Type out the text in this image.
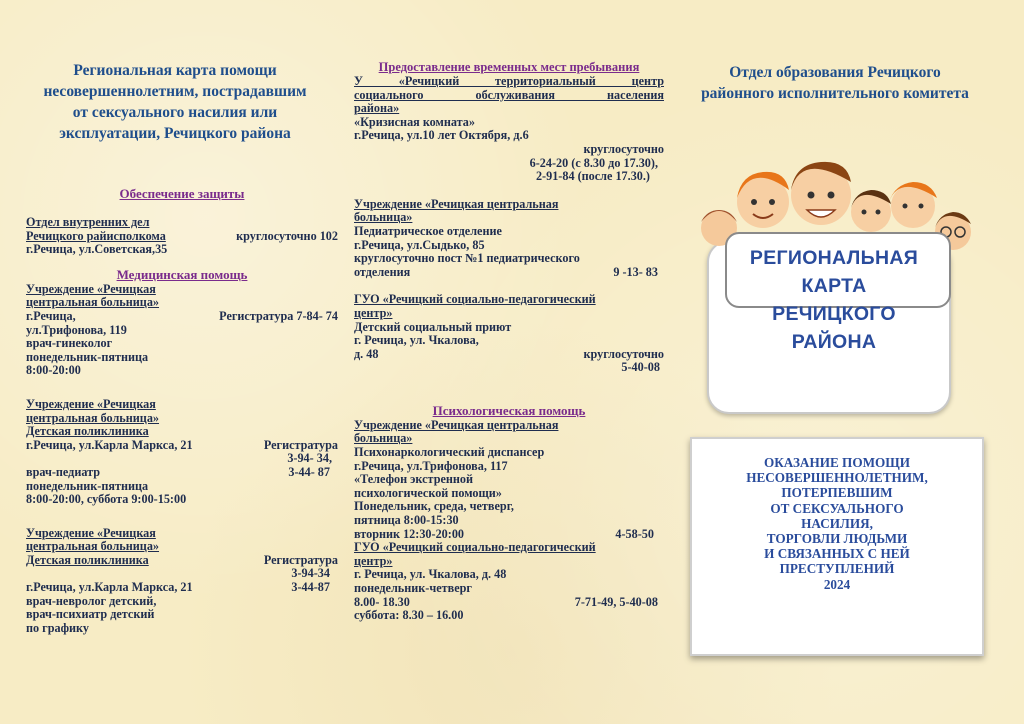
Региональная карта помощи несовершеннолетним, пострадавшим от сексуального насилия или эксплуатации, Речицкого района
Обеспечение защиты
Отдел внутренних дел
Речицкого райисполкома	круглосуточно 102
г.Речица, ул.Советская,35
Медицинская помощь
Учреждение «Речицкая
центральная больница»
г.Речица,	Регистратура 7-84- 74
ул.Трифонова, 119
врач-гинеколог
понедельник-пятница
8:00-20:00
Учреждение «Речицкая
центральная больница»
Детская поликлиника
г.Речица, ул.Карла Маркса, 21	Регистратура
3-94- 34,
врач-педиатр	3-44- 87
понедельник-пятница
8:00-20:00, суббота 9:00-15:00
Учреждение «Речицкая
центральная больница»
Детская поликлиника	Регистратура
3-94-34
г.Речица, ул.Карла Маркса, 21	3-44-87
врач-невролог детский,
врач-психиатр детский
по графику
Предоставление временных мест пребывания
У «Речицкий территориальный центр
социального обслуживания населения
района»
«Кризисная комната»
г.Речица, ул.10 лет Октября, д.6
круглосуточно
6-24-20 (с 8.30 до 17.30),
2-91-84 (после 17.30.)
Учреждение «Речицкая центральная
больница»
Педиатрическое отделение
г.Речица, ул.Сыдько, 85
круглосуточно пост №1 педиатрического
отделения	9 -13- 83
ГУО «Речицкий социально-педагогический
центр»
Детский социальный приют
г. Речица, ул. Чкалова,
д. 48	круглосуточно
5-40-08
Психологическая помощь
Учреждение «Речицкая центральная
больница»
Психонаркологический диспансер
г.Речица, ул.Трифонова, 117
«Телефон экстренной
психологической помощи»
Понедельник, среда, четверг,
пятница 8:00-15:30
вторник 12:30-20:00	4-58-50
ГУО «Речицкий социально-педагогический
центр»
г. Речица, ул. Чкалова, д. 48
понедельник-четверг
8.00- 18.30	7-71-49, 5-40-08
суббота: 8.30 – 16.00
Отдел образования Речицкого районного исполнительного комитета
РЕГИОНАЛЬНАЯ
КАРТА
РЕЧИЦКОГО
РАЙОНА
ОКАЗАНИЕ ПОМОЩИ
НЕСОВЕРШЕННОЛЕТНИМ,
ПОТЕРПЕВШИМ
ОТ СЕКСУАЛЬНОГО
НАСИЛИЯ,
ТОРГОВЛИ ЛЮДЬМИ
И СВЯЗАННЫХ С НЕЙ
ПРЕСТУПЛЕНИЙ
2024
